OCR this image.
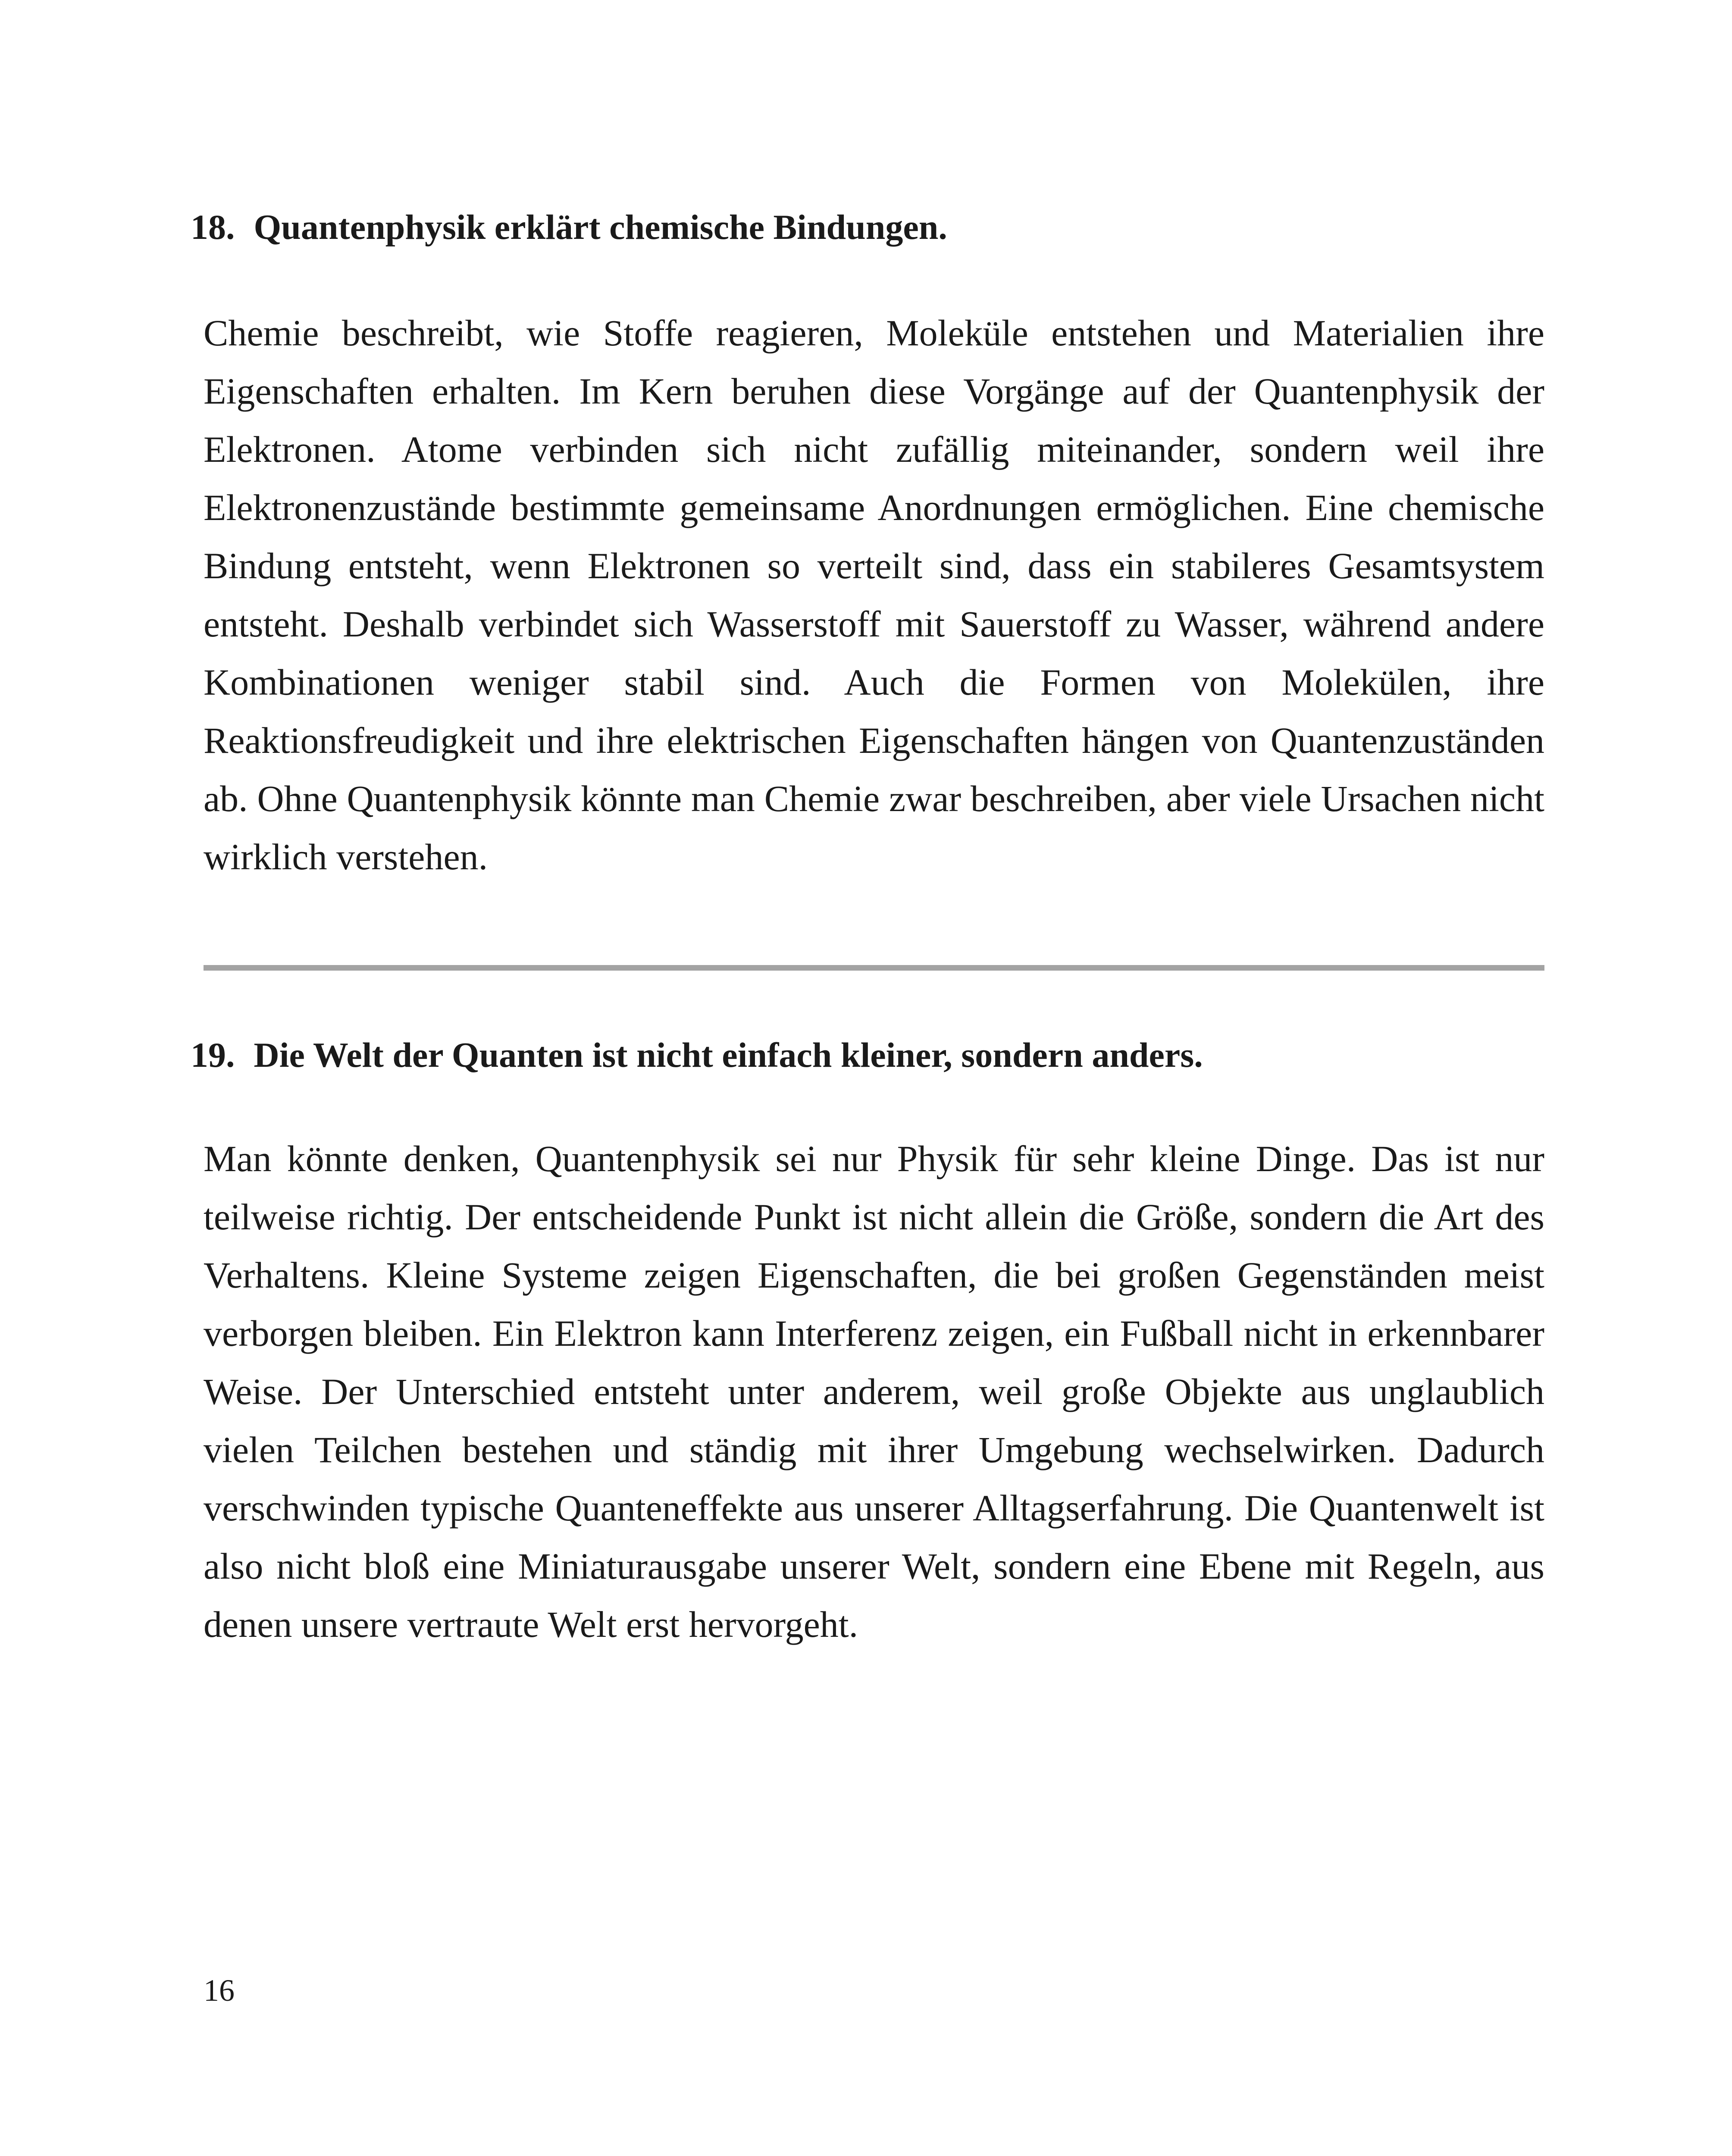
18. Quantenphysik erklärt chemische Bindungen.

Chemie beschreibt, wie Stoffe reagieren, Moleküle entstehen und Materialien ihre Eigenschaften erhalten. Im Kern beruhen diese Vorgänge auf der Quantenphysik der Elektronen. Atome verbinden sich nicht zufällig miteinander, sondern weil ihre Elektronenzustände bestimmte gemeinsame Anordnungen ermöglichen. Eine chemische Bindung entsteht, wenn Elektronen so verteilt sind, dass ein stabileres Gesamtsystem entsteht. Deshalb verbindet sich Wasserstoff mit Sauerstoff zu Wasser, während andere Kombinationen weniger stabil sind. Auch die Formen von Molekülen, ihre Reaktionsfreudigkeit und ihre elektrischen Eigenschaften hängen von Quantenzuständen ab. Ohne Quantenphysik könnte man Chemie zwar beschreiben, aber viele Ursachen nicht wirklich verstehen.

19. Die Welt der Quanten ist nicht einfach kleiner, sondern anders.

Man könnte denken, Quantenphysik sei nur Physik für sehr kleine Dinge. Das ist nur teilweise richtig. Der entscheidende Punkt ist nicht allein die Größe, sondern die Art des Verhaltens. Kleine Systeme zeigen Eigenschaften, die bei großen Gegenständen meist verborgen bleiben. Ein Elektron kann Interferenz zeigen, ein Fußball nicht in erkennbarer Weise. Der Unterschied entsteht unter anderem, weil große Objekte aus unglaublich vielen Teilchen bestehen und ständig mit ihrer Umgebung wechselwirken. Dadurch verschwinden typische Quanteneffekte aus unserer Alltagserfahrung. Die Quantenwelt ist also nicht bloß eine Miniaturausgabe unserer Welt, sondern eine Ebene mit Regeln, aus denen unsere vertraute Welt erst hervorgeht.

16
